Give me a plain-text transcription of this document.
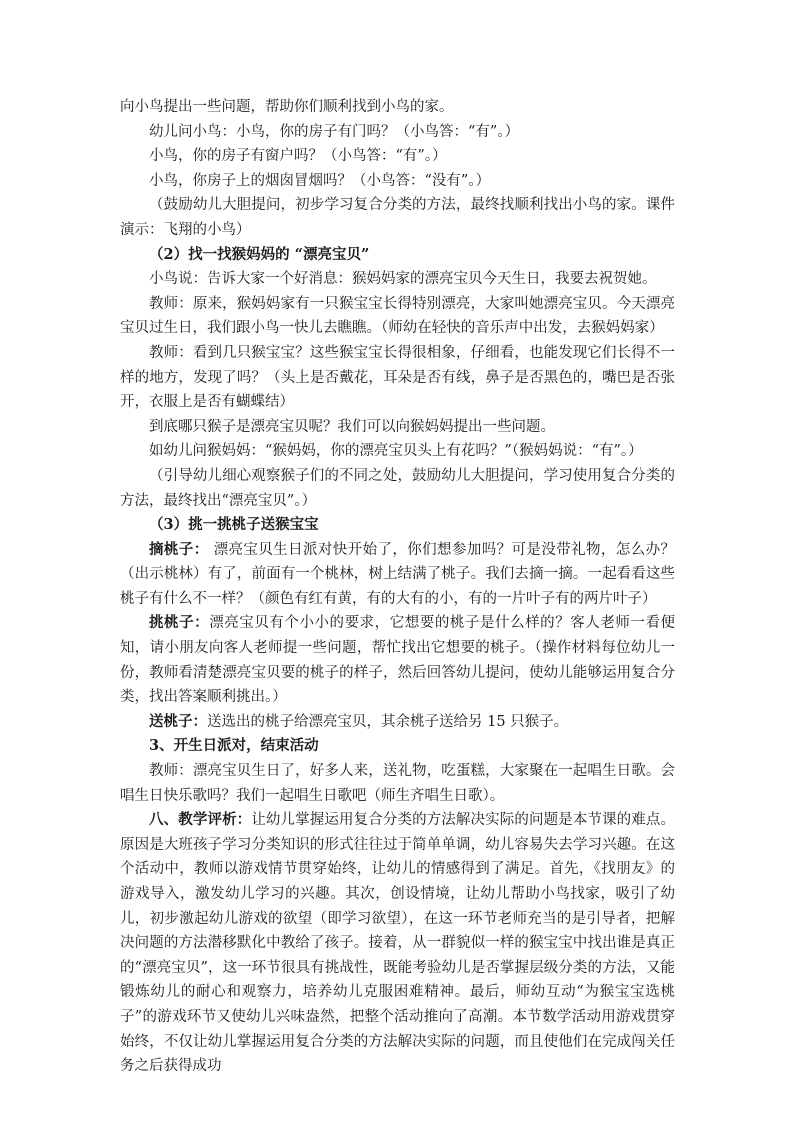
向小鸟提出一些问题，帮助你们顺利找到小鸟的家。

幼儿问小鸟：小鸟，你的房子有门吗？（小鸟答：“有”。）

小鸟，你的房子有窗户吗？（小鸟答：“有”。）

小鸟，你房子上的烟囱冒烟吗？（小鸟答：“没有”。）

（鼓励幼儿大胆提问，初步学习复合分类的方法，最终找顺利找出小鸟的家。课件演示：飞翔的小鸟）

（2）找一找猴妈妈的 “漂亮宝贝”

小鸟说：告诉大家一个好消息：猴妈妈家的漂亮宝贝今天生日，我要去祝贺她。

教师：原来，猴妈妈家有一只猴宝宝长得特别漂亮，大家叫她漂亮宝贝。今天漂亮宝贝过生日，我们跟小鸟一快儿去瞧瞧。（师幼在轻快的音乐声中出发，去猴妈妈家）

教师：看到几只猴宝宝？这些猴宝宝长得很相象，仔细看，也能发现它们长得不一样的地方，发现了吗？（头上是否戴花，耳朵是否有线，鼻子是否黑色的，嘴巴是否张开，衣服上是否有蝴蝶结）

到底哪只猴子是漂亮宝贝呢？我们可以向猴妈妈提出一些问题。

如幼儿问猴妈妈：“猴妈妈，你的漂亮宝贝头上有花吗？”（猴妈妈说：“有”。）

（引导幼儿细心观察猴子们的不同之处，鼓励幼儿大胆提问，学习使用复合分类的方法，最终找出“漂亮宝贝”。）

（3）挑一挑桃子送猴宝宝

摘桃子： 漂亮宝贝生日派对快开始了，你们想参加吗？可是没带礼物，怎么办？（出示桃林）有了，前面有一个桃林，树上结满了桃子。我们去摘一摘。一起看看这些桃子有什么不一样？（颜色有红有黄，有的大有的小，有的一片叶子有的两片叶子）

挑桃子：漂亮宝贝有个小小的要求，它想要的桃子是什么样的？客人老师一看便知，请小朋友向客人老师提一些问题，帮忙找出它想要的桃子。（操作材料每位幼儿一份，教师看清楚漂亮宝贝要的桃子的样子，然后回答幼儿提问，使幼儿能够运用复合分类，找出答案顺利挑出。）

送桃子：送选出的桃子给漂亮宝贝，其余桃子送给另 15 只猴子。

3、开生日派对，结束活动

教师：漂亮宝贝生日了，好多人来，送礼物，吃蛋糕，大家聚在一起唱生日歌。会唱生日快乐歌吗？我们一起唱生日歌吧（师生齐唱生日歌）。

八、教学评析：让幼儿掌握运用复合分类的方法解决实际的问题是本节课的难点。原因是大班孩子学习分类知识的形式往往过于简单单调，幼儿容易失去学习兴趣。在这个活动中，教师以游戏情节贯穿始终，让幼儿的情感得到了满足。首先，《找朋友》的游戏导入，激发幼儿学习的兴趣。其次，创设情境，让幼儿帮助小鸟找家，吸引了幼儿，初步激起幼儿游戏的欲望（即学习欲望），在这一环节老师充当的是引导者，把解决问题的方法潜移默化中教给了孩子。接着，从一群貌似一样的猴宝宝中找出谁是真正的“漂亮宝贝”，这一环节很具有挑战性，既能考验幼儿是否掌握层级分类的方法，又能锻炼幼儿的耐心和观察力，培养幼儿克服困难精神。最后，师幼互动“为猴宝宝选桃子”的游戏环节又使幼儿兴味盎然，把整个活动推向了高潮。本节数学活动用游戏贯穿始终，不仅让幼儿掌握运用复合分类的方法解决实际的问题，而且使他们在完成闯关任务之后获得成功
